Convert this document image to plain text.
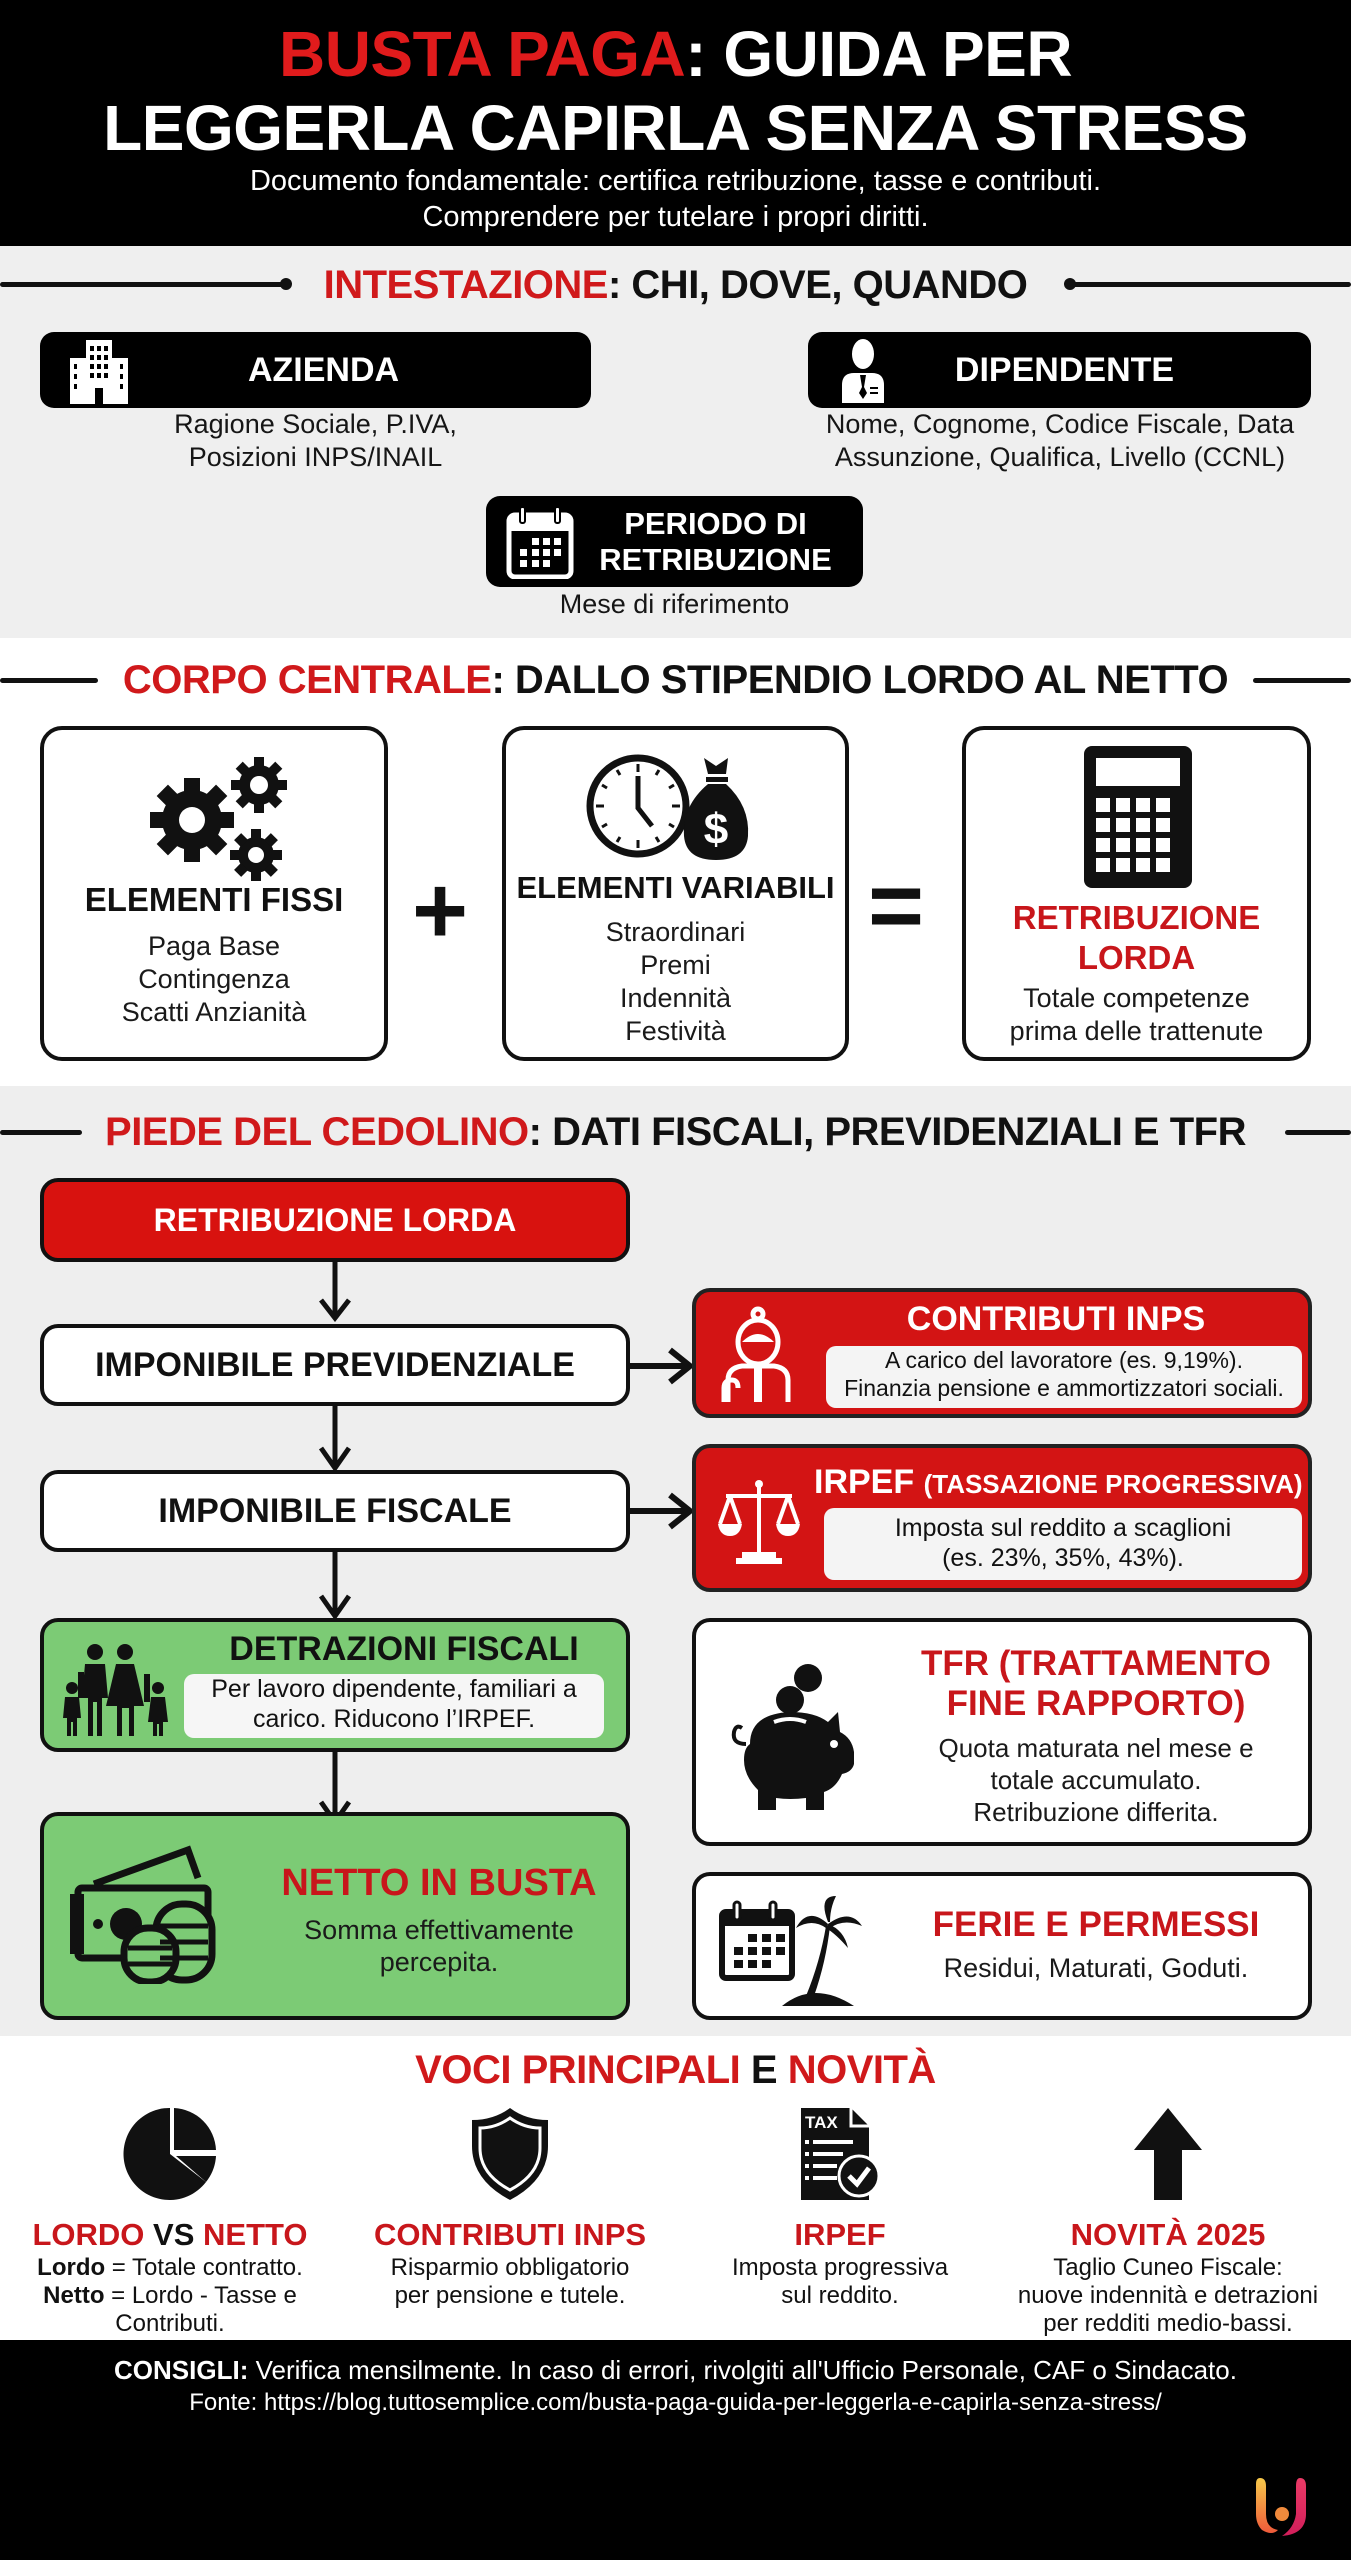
BUSTA PAGA: GUIDA PER
LEGGERLA CAPIRLA SENZA STRESS
Documento fondamentale: certifica retribuzione, tasse e contributi.
Comprendere per tutelare i propri diritti.
INTESTAZIONE: CHI, DOVE, QUANDO
AZIENDA
Ragione Sociale, P.IVA,
Posizioni INPS/INAIL
DIPENDENTE
Nome, Cognome, Codice Fiscale, Data
Assunzione, Qualifica, Livello (CCNL)
PERIODO DI
RETRIBUZIONE
Mese di riferimento
CORPO CENTRALE: DALLO STIPENDIO LORDO AL NETTO
ELEMENTI FISSI
Paga Base
Contingenza
Scatti Anzianità
+
$
ELEMENTI VARIABILI
Straordinari
Premi
Indennità
Festività
=	RETRIBUZIONE
LORDA
Totale competenze
prima delle trattenute
PIEDE DEL CEDOLINO: DATI FISCALI, PREVIDENZIALI E TFR
RETRIBUZIONE LORDA
IMPONIBILE PREVIDENZIALE
IMPONIBILE FISCALE
DETRAZIONI FISCALI
Per lavoro dipendente, familiari a
carico. Riducono l’IRPEF.
NETTO IN BUSTA
Somma effettivamente
percepita.
CONTRIBUTI INPS
A carico del lavoratore (es. 9,19%).
Finanzia pensione e ammortizzatori sociali.
IRPEF (TASSAZIONE PROGRESSIVA)
Imposta sul reddito a scaglioni
(es. 23%, 35%, 43%).
TFR (TRATTAMENTO
FINE RAPPORTO)
Quota maturata nel mese e
totale accumulato.
Retribuzione differita.
FERIE E PERMESSI
Residui, Maturati, Goduti.
VOCI PRINCIPALI E NOVITÀ
LORDO VS NETTO
Lordo = Totale contratto.
Netto = Lordo - Tasse e
Contributi.
CONTRIBUTI INPS
Risparmio obbligatorio
per pensione e tutele.
TAX
IRPEF
Imposta progressiva
sul reddito.
NOVITÀ 2025
Taglio Cuneo Fiscale:
nuove indennità e detrazioni
per redditi medio-bassi.
CONSIGLI: Verifica mensilmente. In caso di errori, rivolgiti all'Ufficio Personale, CAF o Sindacato.
Fonte: https://blog.tuttosemplice.com/busta-paga-guida-per-leggerla-e-capirla-senza-stress/
